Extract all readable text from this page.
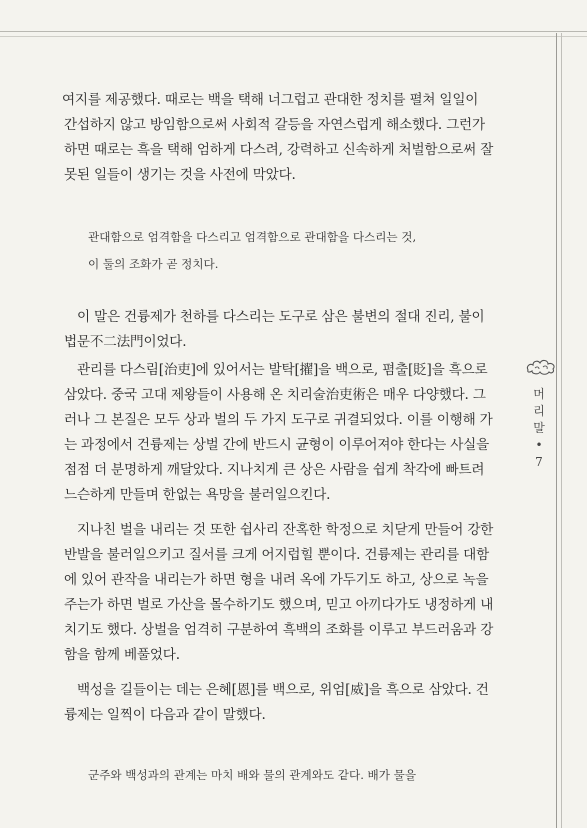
여지를 제공했다. 때로는 백을 택해 너그럽고 관대한 정치를 펼쳐 일일이 간섭하지 않고 방임함으로써 사회적 갈등을 자연스럽게 해소했다. 그런가 하면 때로는 흑을 택해 엄하게 다스려, 강력하고 신속하게 처벌함으로써 잘못된 일들이 생기는 것을 사전에 막았다.

관대함으로 엄격함을 다스리고 엄격함으로 관대함을 다스리는 것,

이 둘의 조화가 곧 정치다.

이 말은 건륭제가 천하를 다스리는 도구로 삼은 불변의 절대 진리, 불이법문不二法門이었다.

관리를 다스림[治吏]에 있어서는 발탁[擢]을 백으로, 폄출[貶]을 흑으로 삼았다. 중국 고대 제왕들이 사용해 온 치리술治吏術은 매우 다양했다. 그러나 그 본질은 모두 상과 벌의 두 가지 도구로 귀결되었다. 이를 이행해 가는 과정에서 건륭제는 상벌 간에 반드시 균형이 이루어져야 한다는 사실을 점점 더 분명하게 깨달았다. 지나치게 큰 상은 사람을 쉽게 착각에 빠트려 느슨하게 만들며 한없는 욕망을 불러일으킨다.

지나친 벌을 내리는 것 또한 쉽사리 잔혹한 학정으로 치닫게 만들어 강한 반발을 불러일으키고 질서를 크게 어지럽힐 뿐이다. 건륭제는 관리를 대함에 있어 관작을 내리는가 하면 형을 내려 옥에 가두기도 하고, 상으로 녹을 주는가 하면 벌로 가산을 몰수하기도 했으며, 믿고 아끼다가도 냉정하게 내치기도 했다. 상벌을 엄격히 구분하여 흑백의 조화를 이루고 부드러움과 강함을 함께 베풀었다.

백성을 길들이는 데는 은혜[恩]를 백으로, 위엄[威]을 흑으로 삼았다. 건륭제는 일찍이 다음과 같이 말했다.

군주와 백성과의 관계는 마치 배와 물의 관계와도 같다. 배가 물을

머
리
말
•
7
